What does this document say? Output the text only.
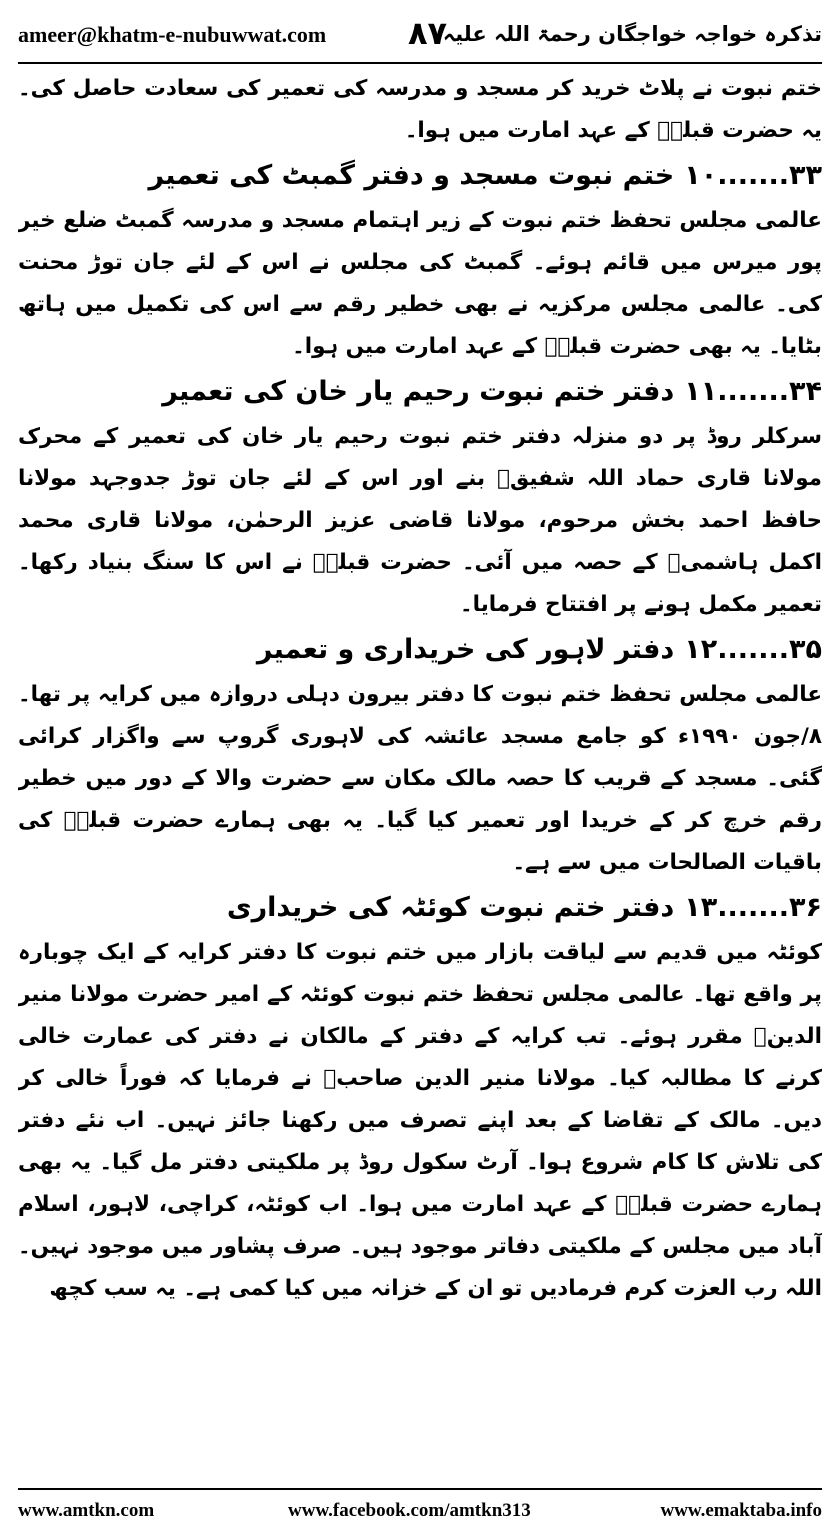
ameer@khatm-e-nubuwwat.com	۸۷
تذکرہ خواجہ خواجگان رحمۃ اللہ علیہ

ختم نبوت نے پلاٹ خرید کر مسجد و مدرسہ کی تعمیر کی سعادت حاصل کی۔ یہ حضرت قبلہؒ کے عہد امارت میں ہوا۔

۳۳.......۱۰ختم نبوت مسجد و دفتر گمبٹ کی تعمیر

عالمی مجلس تحفظ ختم نبوت کے زیر اہتمام مسجد و مدرسہ گمبٹ ضلع خیر پور میرس میں قائم ہوئے۔ گمبٹ کی مجلس نے اس کے لئے جان توڑ محنت کی۔ عالمی مجلس مرکزیہ نے بھی خطیر رقم سے اس کی تکمیل میں ہاتھ بٹایا۔ یہ بھی حضرت قبلہؒ کے عہد امارت میں ہوا۔

۳۴.......۱۱دفتر ختم نبوت رحیم یار خان کی تعمیر

سرکلر روڈ پر دو منزلہ دفتر ختم نبوت رحیم یار خان کی تعمیر کے محرک مولانا قاری حماد اللہ شفیقؒ بنے اور اس کے لئے جان توڑ جدوجہد مولانا حافظ احمد بخش مرحوم، مولانا قاضی عزیز الرحمٰن، مولانا قاری محمد اکمل ہاشمیؒ کے حصہ میں آئی۔ حضرت قبلہؒ نے اس کا سنگ بنیاد رکھا۔ تعمیر مکمل ہونے پر افتتاح فرمایا۔

۳۵.......۱۲دفتر لاہور کی خریداری و تعمیر

عالمی مجلس تحفظ ختم نبوت کا دفتر بیرون دہلی دروازہ میں کرایہ پر تھا۔ ۸/جون ۱۹۹۰ء کو جامع مسجد عائشہ کی لاہوری گروپ سے واگزار کرائی گئی۔ مسجد کے قریب کا حصہ مالک مکان سے حضرت والا کے دور میں خطیر رقم خرچ کر کے خریدا اور تعمیر کیا گیا۔ یہ بھی ہمارے حضرت قبلہؒ کی باقیات الصالحات میں سے ہے۔

۳۶.......۱۳دفتر ختم نبوت کوئٹہ کی خریداری

کوئٹہ میں قدیم سے لیاقت بازار میں ختم نبوت کا دفتر کرایہ کے ایک چوبارہ پر واقع تھا۔ عالمی مجلس تحفظ ختم نبوت کوئٹہ کے امیر حضرت مولانا منیر الدینؒ مقرر ہوئے۔ تب کرایہ کے دفتر کے مالکان نے دفتر کی عمارت خالی کرنے کا مطالبہ کیا۔ مولانا منیر الدین صاحبؒ نے فرمایا کہ فوراً خالی کر دیں۔ مالک کے تقاضا کے بعد اپنے تصرف میں رکھنا جائز نہیں۔ اب نئے دفتر کی تلاش کا کام شروع ہوا۔ آرٹ سکول روڈ پر ملکیتی دفتر مل گیا۔ یہ بھی ہمارے حضرت قبلہؒ کے عہد امارت میں ہوا۔ اب کوئٹہ، کراچی، لاہور، اسلام آباد میں مجلس کے ملکیتی دفاتر موجود ہیں۔ صرف پشاور میں موجود نہیں۔ اللہ رب العزت کرم فرمادیں تو ان کے خزانہ میں کیا کمی ہے۔ یہ سب کچھ

www.amtkn.com	www.facebook.com/amtkn313	www.emaktaba.info
